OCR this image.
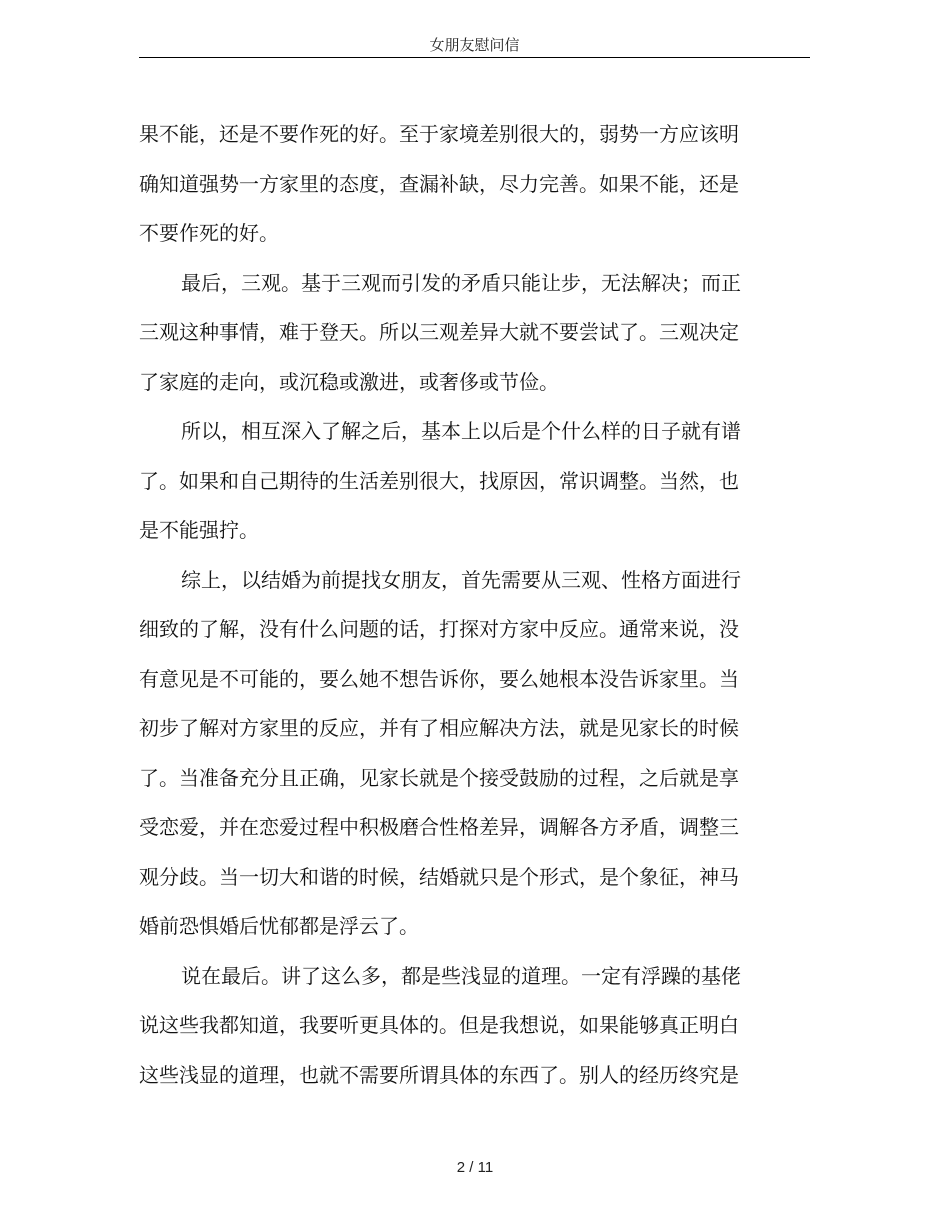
女朋友慰问信

果不能，还是不要作死的好。至于家境差别很大的，弱势一方应该明
确知道强势一方家里的态度，查漏补缺，尽力完善。如果不能，还是
不要作死的好。

最后，三观。基于三观而引发的矛盾只能让步，无法解决；而正
三观这种事情，难于登天。所以三观差异大就不要尝试了。三观决定
了家庭的走向，或沉稳或激进，或奢侈或节俭。

所以，相互深入了解之后，基本上以后是个什么样的日子就有谱
了。如果和自己期待的生活差别很大，找原因，常识调整。当然，也
是不能强拧。

综上，以结婚为前提找女朋友，首先需要从三观、性格方面进行
细致的了解，没有什么问题的话，打探对方家中反应。通常来说，没
有意见是不可能的，要么她不想告诉你，要么她根本没告诉家里。当
初步了解对方家里的反应，并有了相应解决方法，就是见家长的时候
了。当准备充分且正确，见家长就是个接受鼓励的过程，之后就是享
受恋爱，并在恋爱过程中积极磨合性格差异，调解各方矛盾，调整三
观分歧。当一切大和谐的时候，结婚就只是个形式，是个象征，神马
婚前恐惧婚后忧郁都是浮云了。

说在最后。讲了这么多，都是些浅显的道理。一定有浮躁的基佬
说这些我都知道，我要听更具体的。但是我想说，如果能够真正明白
这些浅显的道理，也就不需要所谓具体的东西了。别人的经历终究是

2 / 11
